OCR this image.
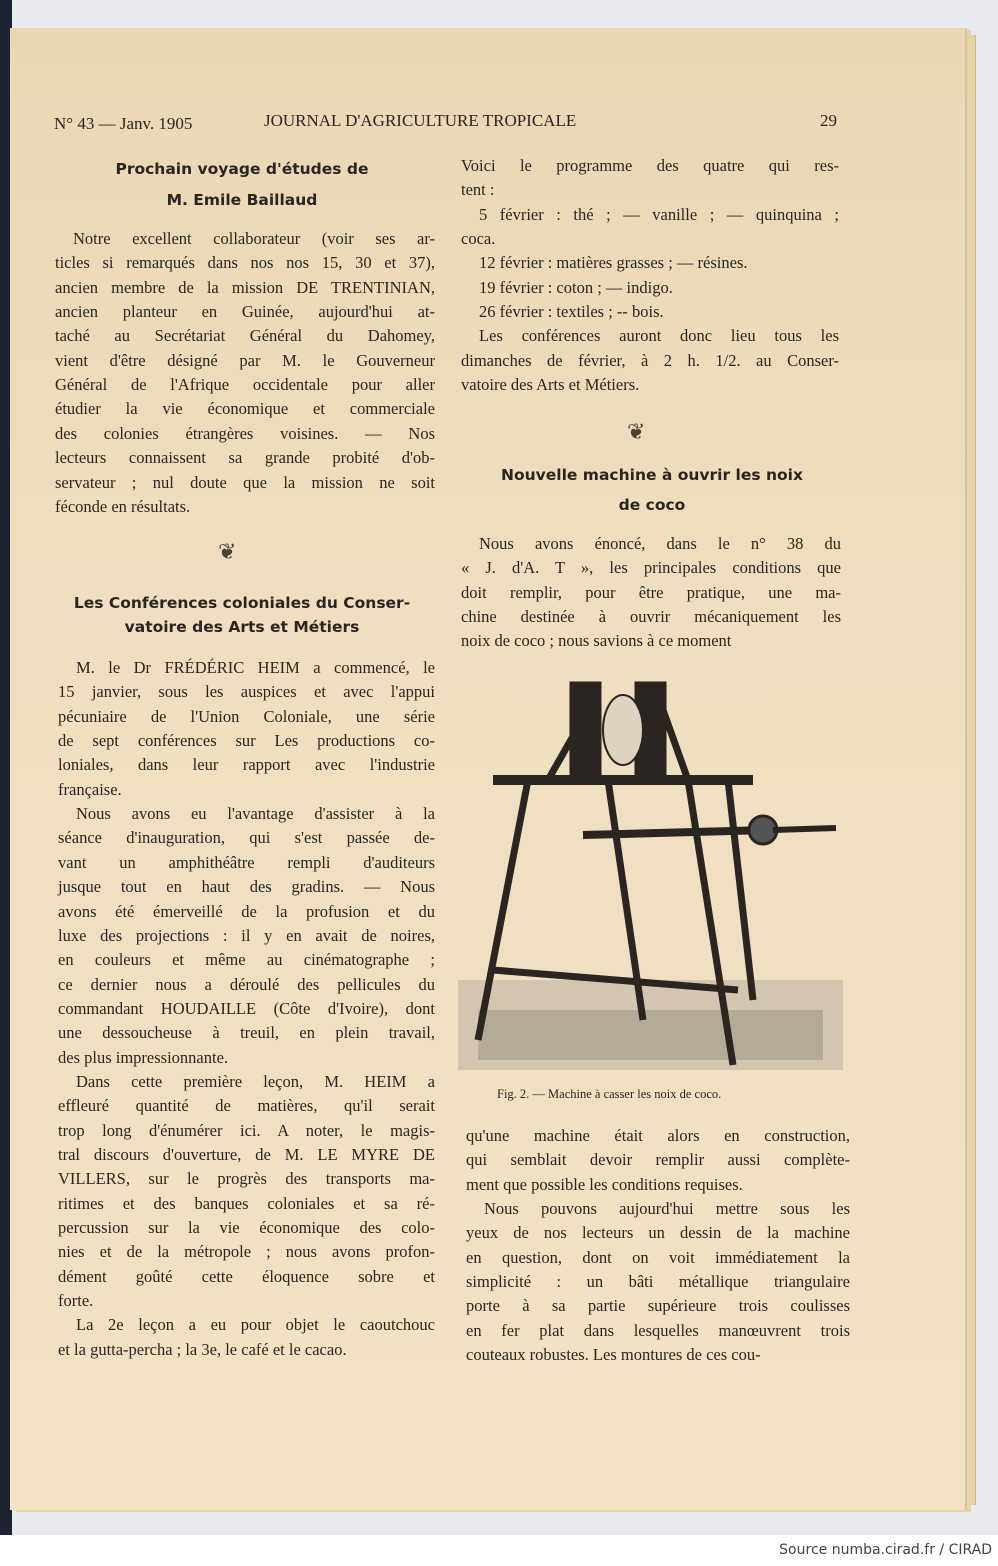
N° 43 — Janv. 1905	JOURNAL D'AGRICULTURE TROPICALE	29
Prochain voyage d'études de
M. Emile Baillaud
Notre excellent collaborateur (voir ses ar-
ticles si remarqués dans nos nos 15, 30 et 37),
ancien membre de la mission DE TRENTINIAN,
ancien planteur en Guinée, aujourd'hui at-
taché au Secrétariat Général du Dahomey,
vient d'être désigné par M. le Gouverneur
Général de l'Afrique occidentale pour aller
étudier la vie économique et commerciale
des colonies étrangères voisines. — Nos
lecteurs connaissent sa grande probité d'ob-
servateur ; nul doute que la mission ne soit
féconde en résultats.
Les Conférences coloniales du Conser-
vatoire des Arts et Métiers
M. le Dr FRÉDÉRIC HEIM a commencé, le
15 janvier, sous les auspices et avec l'appui
pécuniaire de l'Union Coloniale, une série
de sept conférences sur Les productions co-
loniales, dans leur rapport avec l'industrie
française.
Nous avons eu l'avantage d'assister à la
séance d'inauguration, qui s'est passée de-
vant un amphithéâtre rempli d'auditeurs
jusque tout en haut des gradins. — Nous
avons été émerveillé de la profusion et du
luxe des projections : il y en avait de noires,
en couleurs et même au cinématographe ;
ce dernier nous a déroulé des pellicules du
commandant HOUDAILLE (Côte d'Ivoire), dont
une dessoucheuse à treuil, en plein travail,
des plus impressionnante.
Dans cette première leçon, M. HEIM a
effleuré quantité de matières, qu'il serait
trop long d'énumérer ici. A noter, le magis-
tral discours d'ouverture, de M. LE MYRE DE
VILLERS, sur le progrès des transports ma-
ritimes et des banques coloniales et sa ré-
percussion sur la vie économique des colo-
nies et de la métropole ; nous avons profon-
dément goûté cette éloquence sobre et
forte.
La 2e leçon a eu pour objet le caoutchouc
et la gutta-percha ; la 3e, le café et le cacao.
Voici le programme des quatre qui res-
tent :
5 février : thé ; — vanille ; — quinquina ;
coca.
12 février : matières grasses ; — résines.
19 février : coton ; — indigo.
26 février : textiles ; -- bois.
Les conférences auront donc lieu tous les
dimanches de février, à 2 h. 1/2. au Conser-
vatoire des Arts et Métiers.
Nouvelle machine à ouvrir les noix
de coco
Nous avons énoncé, dans le n° 38 du
« J. d'A. T », les principales conditions que
doit remplir, pour être pratique, une ma-
chine destinée à ouvrir mécaniquement les
noix de coco ; nous savions à ce moment
qu'une machine était alors en construction,
qui semblait devoir remplir aussi complète-
ment que possible les conditions requises.
Nous pouvons aujourd'hui mettre sous les
yeux de nos lecteurs un dessin de la machine
en question, dont on voit immédiatement la
simplicité : un bâti métallique triangulaire
porte à sa partie supérieure trois coulisses
en fer plat dans lesquelles manœuvrent trois
couteaux robustes. Les montures de ces cou-
❦
❦
Fig. 2. — Machine à casser les noix de coco.
Source numba.cirad.fr / CIRAD
